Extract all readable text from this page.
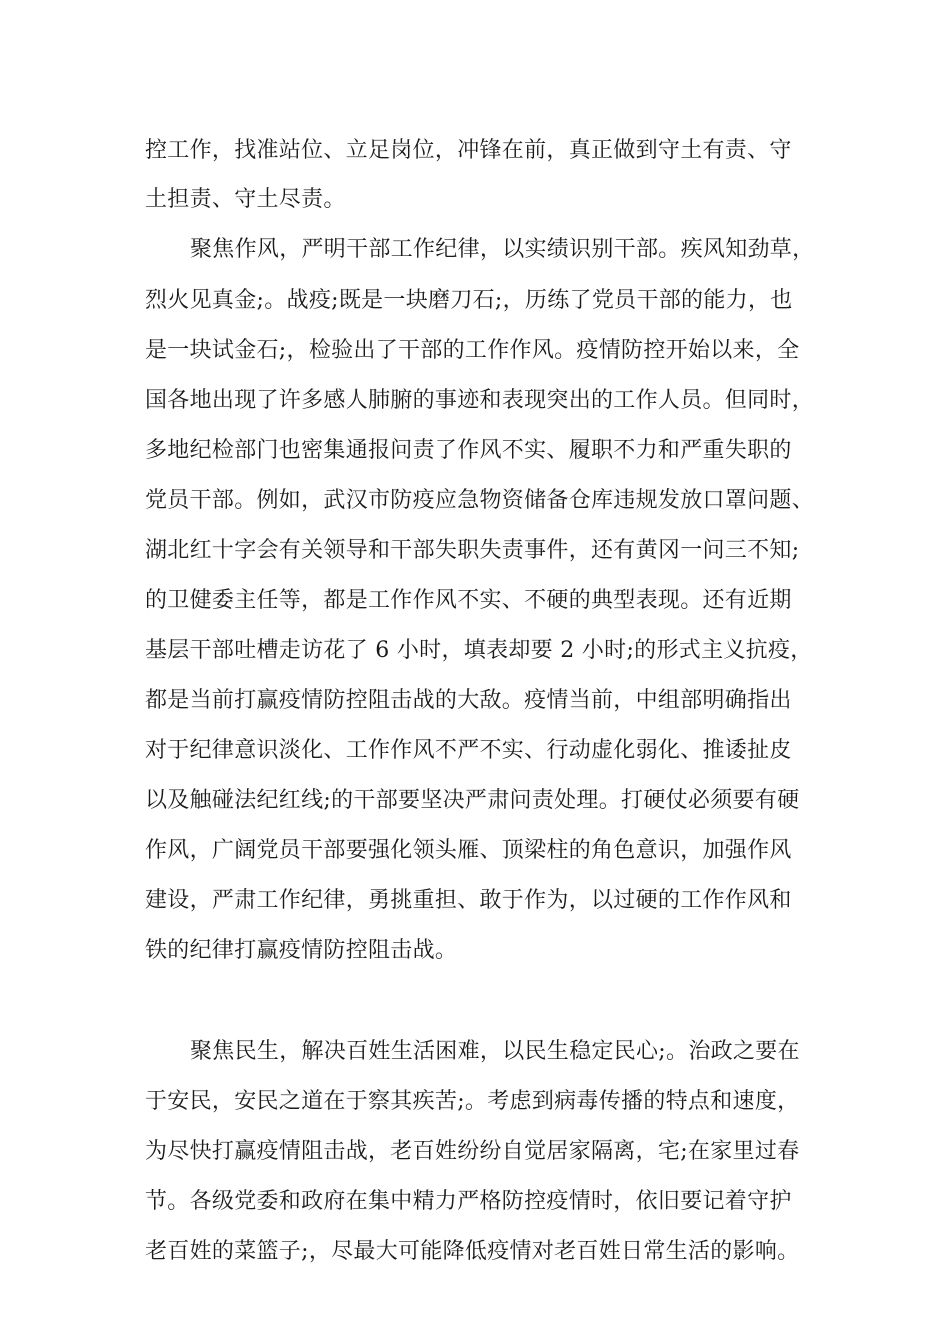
控工作，找准站位、立足岗位，冲锋在前，真正做到守土有责、守
土担责、守土尽责。
聚焦作风，严明干部工作纪律，以实绩识别干部。疾风知劲草，
烈火见真金;。战疫;既是一块磨刀石;，历练了党员干部的能力，也
是一块试金石;，检验出了干部的工作作风。疫情防控开始以来，全
国各地出现了许多感人肺腑的事迹和表现突出的工作人员。但同时，
多地纪检部门也密集通报问责了作风不实、履职不力和严重失职的
党员干部。例如，武汉市防疫应急物资储备仓库违规发放口罩问题、
湖北红十字会有关领导和干部失职失责事件，还有黄冈一问三不知;
的卫健委主任等，都是工作作风不实、不硬的典型表现。还有近期
基层干部吐槽走访花了 6 小时，填表却要 2 小时;的形式主义抗疫，
都是当前打赢疫情防控阻击战的大敌。疫情当前，中组部明确指出
对于纪律意识淡化、工作作风不严不实、行动虚化弱化、推诿扯皮
以及触碰法纪红线;的干部要坚决严肃问责处理。打硬仗必须要有硬
作风，广阔党员干部要强化领头雁、顶梁柱的角色意识，加强作风
建设，严肃工作纪律，勇挑重担、敢于作为，以过硬的工作作风和
铁的纪律打赢疫情防控阻击战。
聚焦民生，解决百姓生活困难，以民生稳定民心;。治政之要在
于安民，安民之道在于察其疾苦;。考虑到病毒传播的特点和速度，
为尽快打赢疫情阻击战，老百姓纷纷自觉居家隔离，宅;在家里过春
节。各级党委和政府在集中精力严格防控疫情时，依旧要记着守护
老百姓的菜篮子;，尽最大可能降低疫情对老百姓日常生活的影响。
